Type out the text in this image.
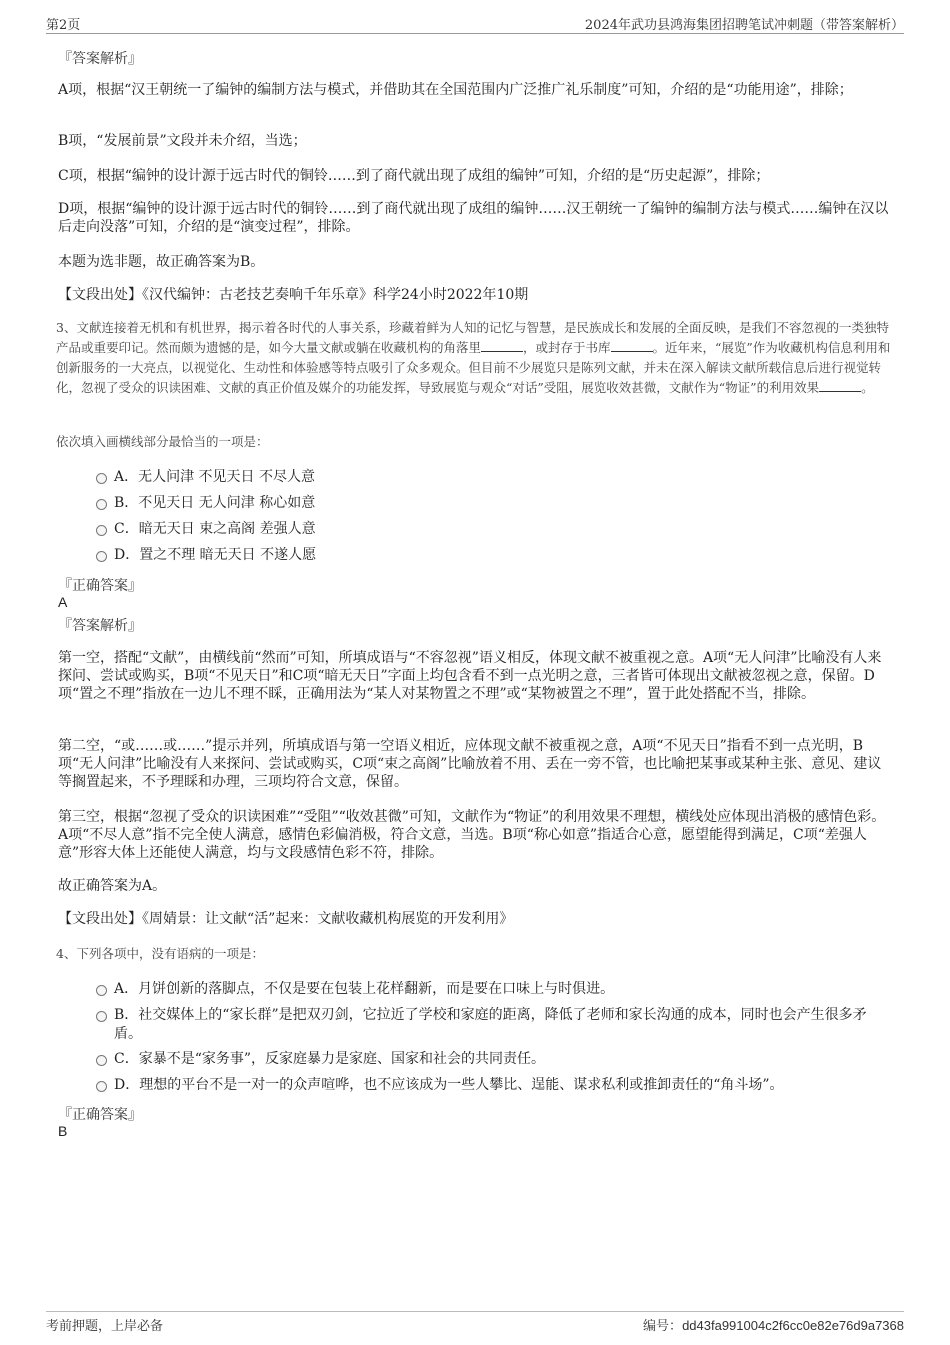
第2页	2024年武功县鸿海集团招聘笔试冲刺题（带答案解析）
『答案解析』
A项，根据“汉王朝统一了编钟的编制方法与模式，并借助其在全国范围内广泛推广礼乐制度”可知，介绍的是“功能用途”，排除；
B项，“发展前景”文段并未介绍，当选；
C项，根据“编钟的设计源于远古时代的铜铃……到了商代就出现了成组的编钟”可知，介绍的是“历史起源”，排除；
D项，根据“编钟的设计源于远古时代的铜铃……到了商代就出现了成组的编钟……汉王朝统一了编钟的编制方法与模式……编钟在汉以后走向没落”可知，介绍的是“演变过程”，排除。
本题为选非题，故正确答案为B。
【文段出处】《汉代编钟：古老技艺奏响千年乐章》科学24小时2022年10期
3、文献连接着无机和有机世界，揭示着各时代的人事关系，珍藏着鲜为人知的记忆与智慧，是民族成长和发展的全面反映，是我们不容忽视的一类独特产品或重要印记。然而颇为遗憾的是，如今大量文献或躺在收藏机构的角落里	，或封存于书库	。近年来，“展览”作为收藏机构信息利用和创新服务的一大亮点，以视觉化、生动性和体验感等特点吸引了众多观众。但目前不少展览只是陈列文献，并未在深入解读文献所载信息后进行视觉转化，忽视了受众的识读困难、文献的真正价值及媒介的功能发挥，导致展览与观众“对话”受阻，展览收效甚微，文献作为“物证”的利用效果	。
依次填入画横线部分最恰当的一项是：
A．无人问津 不见天日 不尽人意
B．不见天日 无人问津 称心如意
C．暗无天日 束之高阁 差强人意
D．置之不理 暗无天日 不遂人愿
『正确答案』
A
『答案解析』
第一空，搭配“文献”，由横线前“然而”可知，所填成语与“不容忽视”语义相反，体现文献不被重视之意。A项“无人问津”比喻没有人来探问、尝试或购买，B项“不见天日”和C项“暗无天日”字面上均包含看不到一点光明之意，三者皆可体现出文献被忽视之意，保留。D项“置之不理”指放在一边儿不理不睬，正确用法为“某人对某物置之不理”或“某物被置之不理”，置于此处搭配不当，排除。
第二空，“或……或……”提示并列，所填成语与第一空语义相近，应体现文献不被重视之意，A项“不见天日”指看不到一点光明，B项“无人问津”比喻没有人来探问、尝试或购买，C项“束之高阁”比喻放着不用、丢在一旁不管，也比喻把某事或某种主张、意见、建议等搁置起来，不予理睬和办理，三项均符合文意，保留。
第三空，根据“忽视了受众的识读困难”“受阻”“收效甚微”可知，文献作为“物证”的利用效果不理想，横线处应体现出消极的感情色彩。A项“不尽人意”指不完全使人满意，感情色彩偏消极，符合文意，当选。B项“称心如意”指适合心意，愿望能得到满足，C项“差强人意”形容大体上还能使人满意，均与文段感情色彩不符，排除。
故正确答案为A。
【文段出处】《周婧景：让文献“活”起来：文献收藏机构展览的开发利用》
4、下列各项中，没有语病的一项是：
A．月饼创新的落脚点，不仅是要在包装上花样翻新，而是要在口味上与时俱进。
B．社交媒体上的“家长群”是把双刃剑，它拉近了学校和家庭的距离，降低了老师和家长沟通的成本，同时也会产生很多矛盾。
C．家暴不是“家务事”，反家庭暴力是家庭、国家和社会的共同责任。
D．理想的平台不是一对一的众声喧哗，也不应该成为一些人攀比、逞能、谋求私利或推卸责任的“角斗场”。
『正确答案』
B
考前押题，上岸必备	编号：dd43fa991004c2f6cc0e82e76d9a7368
